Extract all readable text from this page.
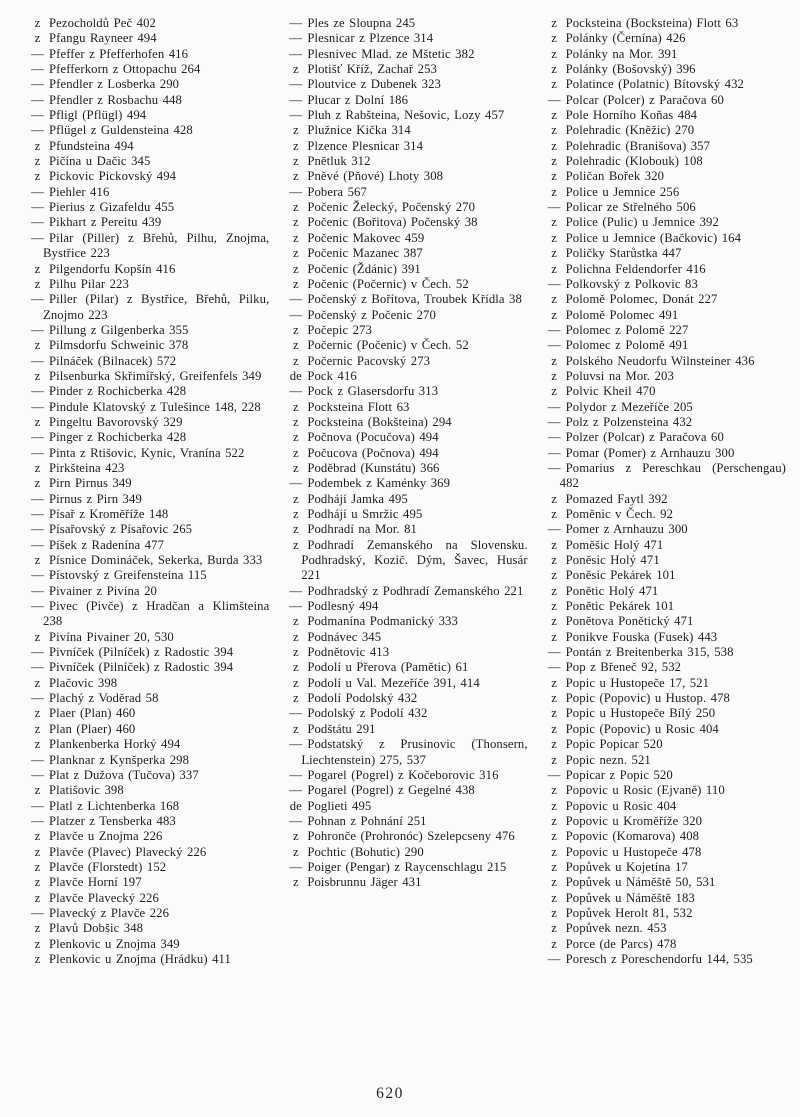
z Pezocholdů Peč 402
z Pfangu Rayneer 494
— Pfeffer z Pfefferhofen 416
— Pfefferkorn z Ottopachu 264
— Pfendler z Losberka 290
— Pfendler z Rosbachu 448
— Pfligl (Pflügl) 494
— Pflügel z Guldensteina 428
z Pfundsteina 494
z Pičína u Dačic 345
z Pickovic Pickovský 494
— Piehler 416
— Pierius z Gizafeldu 455
— Pikhart z Pereitu 439
— Pilar (Piller) z Břehů, Pilhu, Znojma, Bystřice 223
z Pilgendorfu Kopšín 416
z Pilhu Pilar 223
— Piller (Pilar) z Bystřice, Břehů, Pilku, Znojmo 223
— Pillung z Gilgenberka 355
z Pilmsdorfu Schweinic 378
— Pilnáček (Bilnacek) 572
z Pilsenburka Skřimířský, Greifenfels 349
— Pinder z Rochicberka 428
— Pindule Klatovský z Tulešince 148, 228
z Pingeltu Bavorovský 329
— Pinger z Rochicberka 428
— Pinta z Rtišovic, Kynic, Vranína 522
z Pirkšteina 423
z Pirn Pirnus 349
— Pirnus z Pirn 349
— Písař z Kroměříže 148
— Písařovský z Písařovic 265
— Píšek z Radenína 477
z Písnice Domináček, Sekerka, Burda 333
— Pístovský z Greifensteina 115
— Pivainer z Pivína 20
— Pivec (Pivče) z Hradčan a Klimšteina 238
z Pivína Pivainer 20, 530
— Pivníček (Pilníček) z Radostic 394
— Pivníček (Pilníček) z Radostic 394
z Plačovic 398
— Plachý z Voděrad 58
z Plaer (Plan) 460
z Plan (Plaer) 460
z Plankenberka Horký 494
— Planknar z Kynšperka 298
— Plat z Dužova (Tučova) 337
z Platišovic 398
— Platl z Lichtenberka 168
— Platzer z Tensberka 483
z Plavče u Znojma 226
z Plavče (Plavec) Plavecký 226
z Plavče (Florstedt) 152
z Plavče Horní 197
z Plavče Plavecký 226
— Plavecký z Plavče 226
z Plavů Dobšic 348
z Plenkovic u Znojma 349
z Plenkovic u Znojma (Hrádku) 411
— Ples ze Sloupna 245
— Plesnicar z Plzence 314
— Plesnivec Mlad. ze Mštetic 382
z Plotišť Kříž, Zachař 253
— Ploutvice z Dubenek 323
— Plucar z Dolní 186
— Pluh z Rabšteina, Nešovic, Lozy 457
z Plužnice Kička 314
z Plzence Plesnicar 314
z Pnětluk 312
z Pněvé (Pňové) Lhoty 308
— Pobera 567
z Počenic Želecký, Počenský 270
z Počenic (Bořitova) Počenský 38
z Počenic Makovec 459
z Počenic Mazanec 387
z Počenic (Ždánic) 391
z Počenic (Počernic) v Čech. 52
— Počenský z Bořítova, Troubek Křídla 38
— Počenský z Počenic 270
z Počepic 273
z Počernic (Počenic) v Čech. 52
z Počernic Pacovský 273
de Pock 416
— Pock z Glasersdorfu 313
z Pocksteina Flott 63
z Pocksteina (Bokšteina) 294
z Počnova (Pocučova) 494
z Počucova (Počnova) 494
z Poděbrad (Kunstátu) 366
— Podembek z Kaménky 369
z Podhájí Jamka 495
z Podhájí u Smržic 495
z Podhradí na Mor. 81
z Podhradí Zemanského na Slovensku. Podhradský, Kozič. Dým, Šavec, Husár 221
— Podhradský z Podhradí Zemanského 221
— Podlesný 494
z Podmanína Podmanický 333
z Podnávec 345
z Podnětovic 413
z Podolí u Přerova (Pamětic) 61
z Podolí u Val. Mezeříče 391, 414
z Podolí Podolský 432
— Podolský z Podolí 432
z Podštátu 291
— Podstatský z Prusinovic (Thonsern, Liechtenstein) 275, 537
— Pogarel (Pogrel) z Kočeborovic 316
— Pogarel (Pogrel) z Gegelné 438
de Poglieti 495
— Pohnan z Pohnání 251
z Pohronče (Prohronóc) Szelepcseny 476
z Pochtic (Bohutic) 290
— Poiger (Pengar) z Raycenschlagu 215
z Poisbrunnu Jäger 431
z Pocksteina (Bocksteina) Flott 63
z Polánky (Černína) 426
z Polánky na Mor. 391
z Polánky (Bošovský) 396
z Polatince (Polatnic) Bítovský 432
— Polcar (Polcer) z Paračova 60
z Pole Horního Koňas 484
z Polehradic (Kněžic) 270
z Polehradic (Branišova) 357
z Polehradic (Klobouk) 108
z Poličan Bořek 320
z Police u Jemnice 256
— Policar ze Střelného 506
z Police (Pulic) u Jemnice 392
z Police u Jemnice (Bačkovic) 164
z Poličky Starůstka 447
z Polichna Feldendorfer 416
— Polkovský z Polkovic 83
z Polomě Polomec, Donát 227
z Polomě Polomec 491
— Polomec z Polomě 227
— Polomec z Polomě 491
z Polského Neudorfu Wilnsteiner 436
z Poluvsi na Mor. 203
z Polvic Kheil 470
— Polydor z Mezeříče 205
— Polz z Polzensteina 432
— Polzer (Polcar) z Paračova 60
— Pomar (Pomer) z Arnhauzu 300
— Pomarius z Pereschkau (Perschengau) 482
z Pomazed Faytl 392
z Poměnic v Čech. 92
— Pomer z Arnhauzu 300
z Poměšic Holý 471
z Poněsic Holý 471
z Poněsic Pekárek 101
z Ponětic Holý 471
z Ponětic Pekárek 101
z Ponětova Ponětický 471
z Ponikve Fouska (Fusek) 443
— Pontán z Breitenberka 315, 538
— Pop z Břeneč 92, 532
z Popic u Hustopeče 17, 521
z Popic (Popovic) u Hustop. 478
z Popic u Hustopeče Bílý 250
z Popic (Popovic) u Rosic 404
z Popic Popicar 520
z Popic nezn. 521
— Popicar z Popic 520
z Popovic u Rosic (Ejvaně) 110
z Popovic u Rosic 404
z Popovic u Kroměříže 320
z Popovic (Komarova) 408
z Popovic u Hustopeče 478
z Popůvek u Kojetína 17
z Popůvek u Náměště 50, 531
z Popůvek u Náměště 183
z Popůvek Herolt 81, 532
z Popůvek nezn. 453
z Porce (de Parcs) 478
— Poresch z Poreschendorfu 144, 535
620
